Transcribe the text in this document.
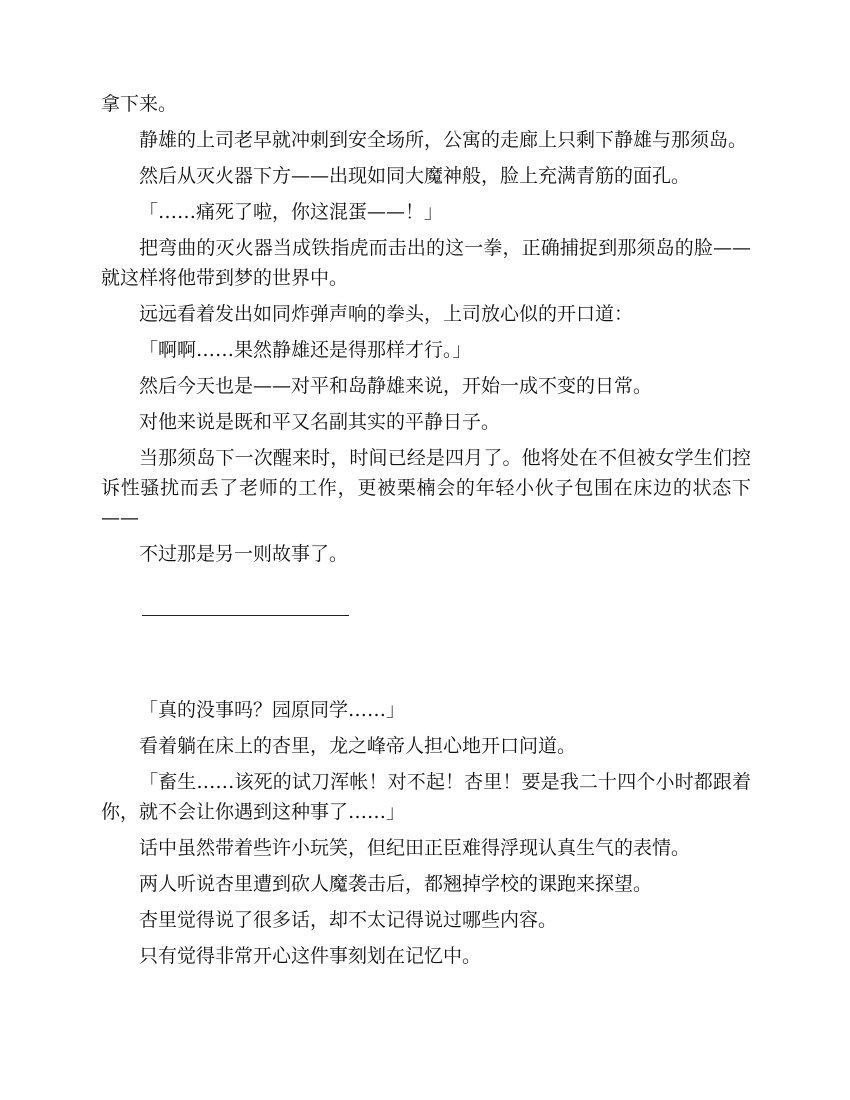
拿下来。

静雄的上司老早就冲刺到安全场所，公寓的走廊上只剩下静雄与那须岛。

然后从灭火器下方——出现如同大魔神般，脸上充满青筋的面孔。

「……痛死了啦，你这混蛋——！」

把弯曲的灭火器当成铁指虎而击出的这一拳，正确捕捉到那须岛的脸——就这样将他带到梦的世界中。

远远看着发出如同炸弹声响的拳头，上司放心似的开口道：

「啊啊……果然静雄还是得那样才行。」

然后今天也是——对平和岛静雄来说，开始一成不变的日常。

对他来说是既和平又名副其实的平静日子。

当那须岛下一次醒来时，时间已经是四月了。他将处在不但被女学生们控诉性骚扰而丢了老师的工作，更被栗楠会的年轻小伙子包围在床边的状态下——

不过那是另一则故事了。

「真的没事吗？园原同学……」

看着躺在床上的杏里，龙之峰帝人担心地开口问道。

「畜生……该死的试刀浑帐！对不起！杏里！要是我二十四个小时都跟着你，就不会让你遇到这种事了……」

话中虽然带着些许小玩笑，但纪田正臣难得浮现认真生气的表情。

两人听说杏里遭到砍人魔袭击后，都翘掉学校的课跑来探望。

杏里觉得说了很多话，却不太记得说过哪些内容。

只有觉得非常开心这件事刻划在记忆中。
